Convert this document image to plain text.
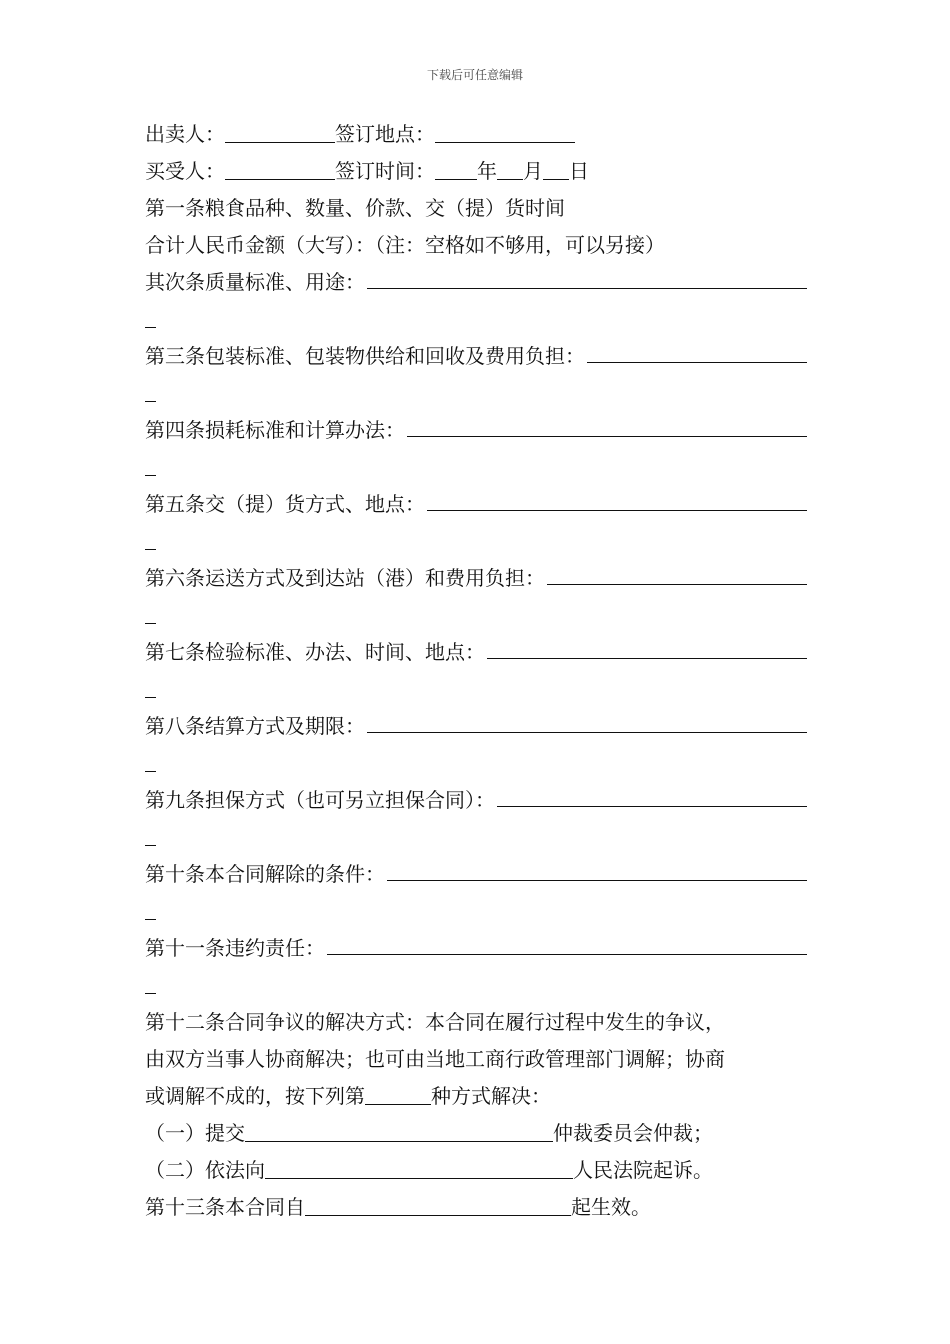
下载后可任意编辑
出卖人：	签订地点：
买受人：	签订时间： 年 月 日
第一条粮食品种、数量、价款、交（提）货时间
合计人民币金额（大写）：（注：空格如不够用，可以另接）
其次条质量标准、用途：
第三条包装标准、包装物供给和回收及费用负担：
第四条损耗标准和计算办法：
第五条交（提）货方式、地点：
第六条运送方式及到达站（港）和费用负担：
第七条检验标准、办法、时间、地点：
第八条结算方式及期限：
第九条担保方式（也可另立担保合同）：
第十条本合同解除的条件：
第十一条违约责任：
第十二条合同争议的解决方式：本合同在履行过程中发生的争议，
由双方当事人协商解决；也可由当地工商行政管理部门调解；协商
或调解不成的，按下列第	种方式解决：
（一）提交	仲裁委员会仲裁；
（二）依法向	人民法院起诉。
第十三条本合同自	起生效。
